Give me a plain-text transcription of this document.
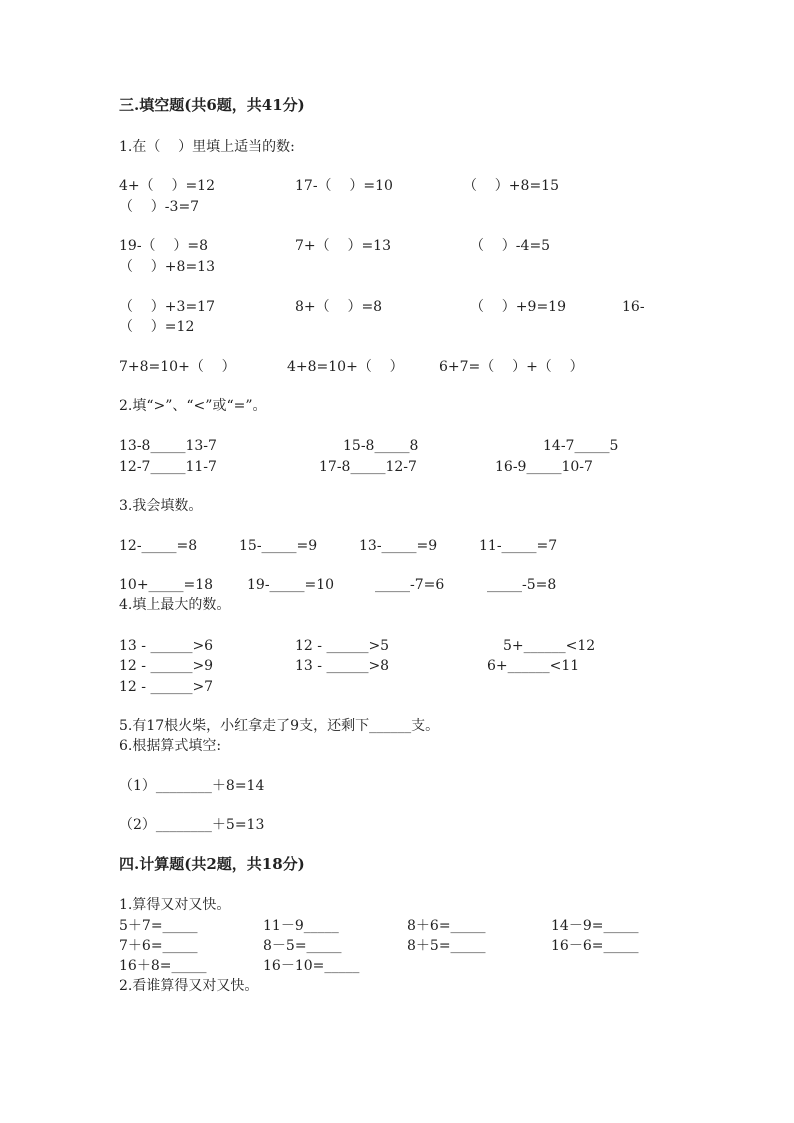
三.填空题(共6题，共41分)
1.在（    ）里填上适当的数:
4+（    ）=12	17-（    ）=10	（    ）+8=15
（    ）-3=7
19-（    ）=8	7+（    ）=13	（    ）-4=5
（    ）+8=13
（    ）+3=17	8+（    ）=8	（    ）+9=19	16-
（    ）=12
7+8=10+（    ）	4+8=10+（    ）	6+7=（    ）+（    ）
2.填“>”、“<”或“=”。
13-8_____13-7	15-8_____8	14-7_____5
12-7_____11-7	17-8_____12-7	16-9_____10-7
3.我会填数。
12-_____=8	15-_____=9	13-_____=9	11-_____=7
10+_____=18 19-_____=10	_____-7=6	_____-5=8
4.填上最大的数。
13 - ______>6	12 - ______>5	5+______<12
12 - ______>9	13 - ______>8	6+______<11
12 - ______>7
5.有17根火柴，小红拿走了9支，还剩下______支。
6.根据算式填空:
（1）________＋8=14
（2）________＋5=13
四.计算题(共2题，共18分)
1.算得又对又快。
5＋7=_____	11－9_____	8＋6=_____	14－9=_____
7＋6=_____	8－5=_____	8＋5=_____	16－6=_____
16＋8=_____	16－10=_____
2.看谁算得又对又快。
